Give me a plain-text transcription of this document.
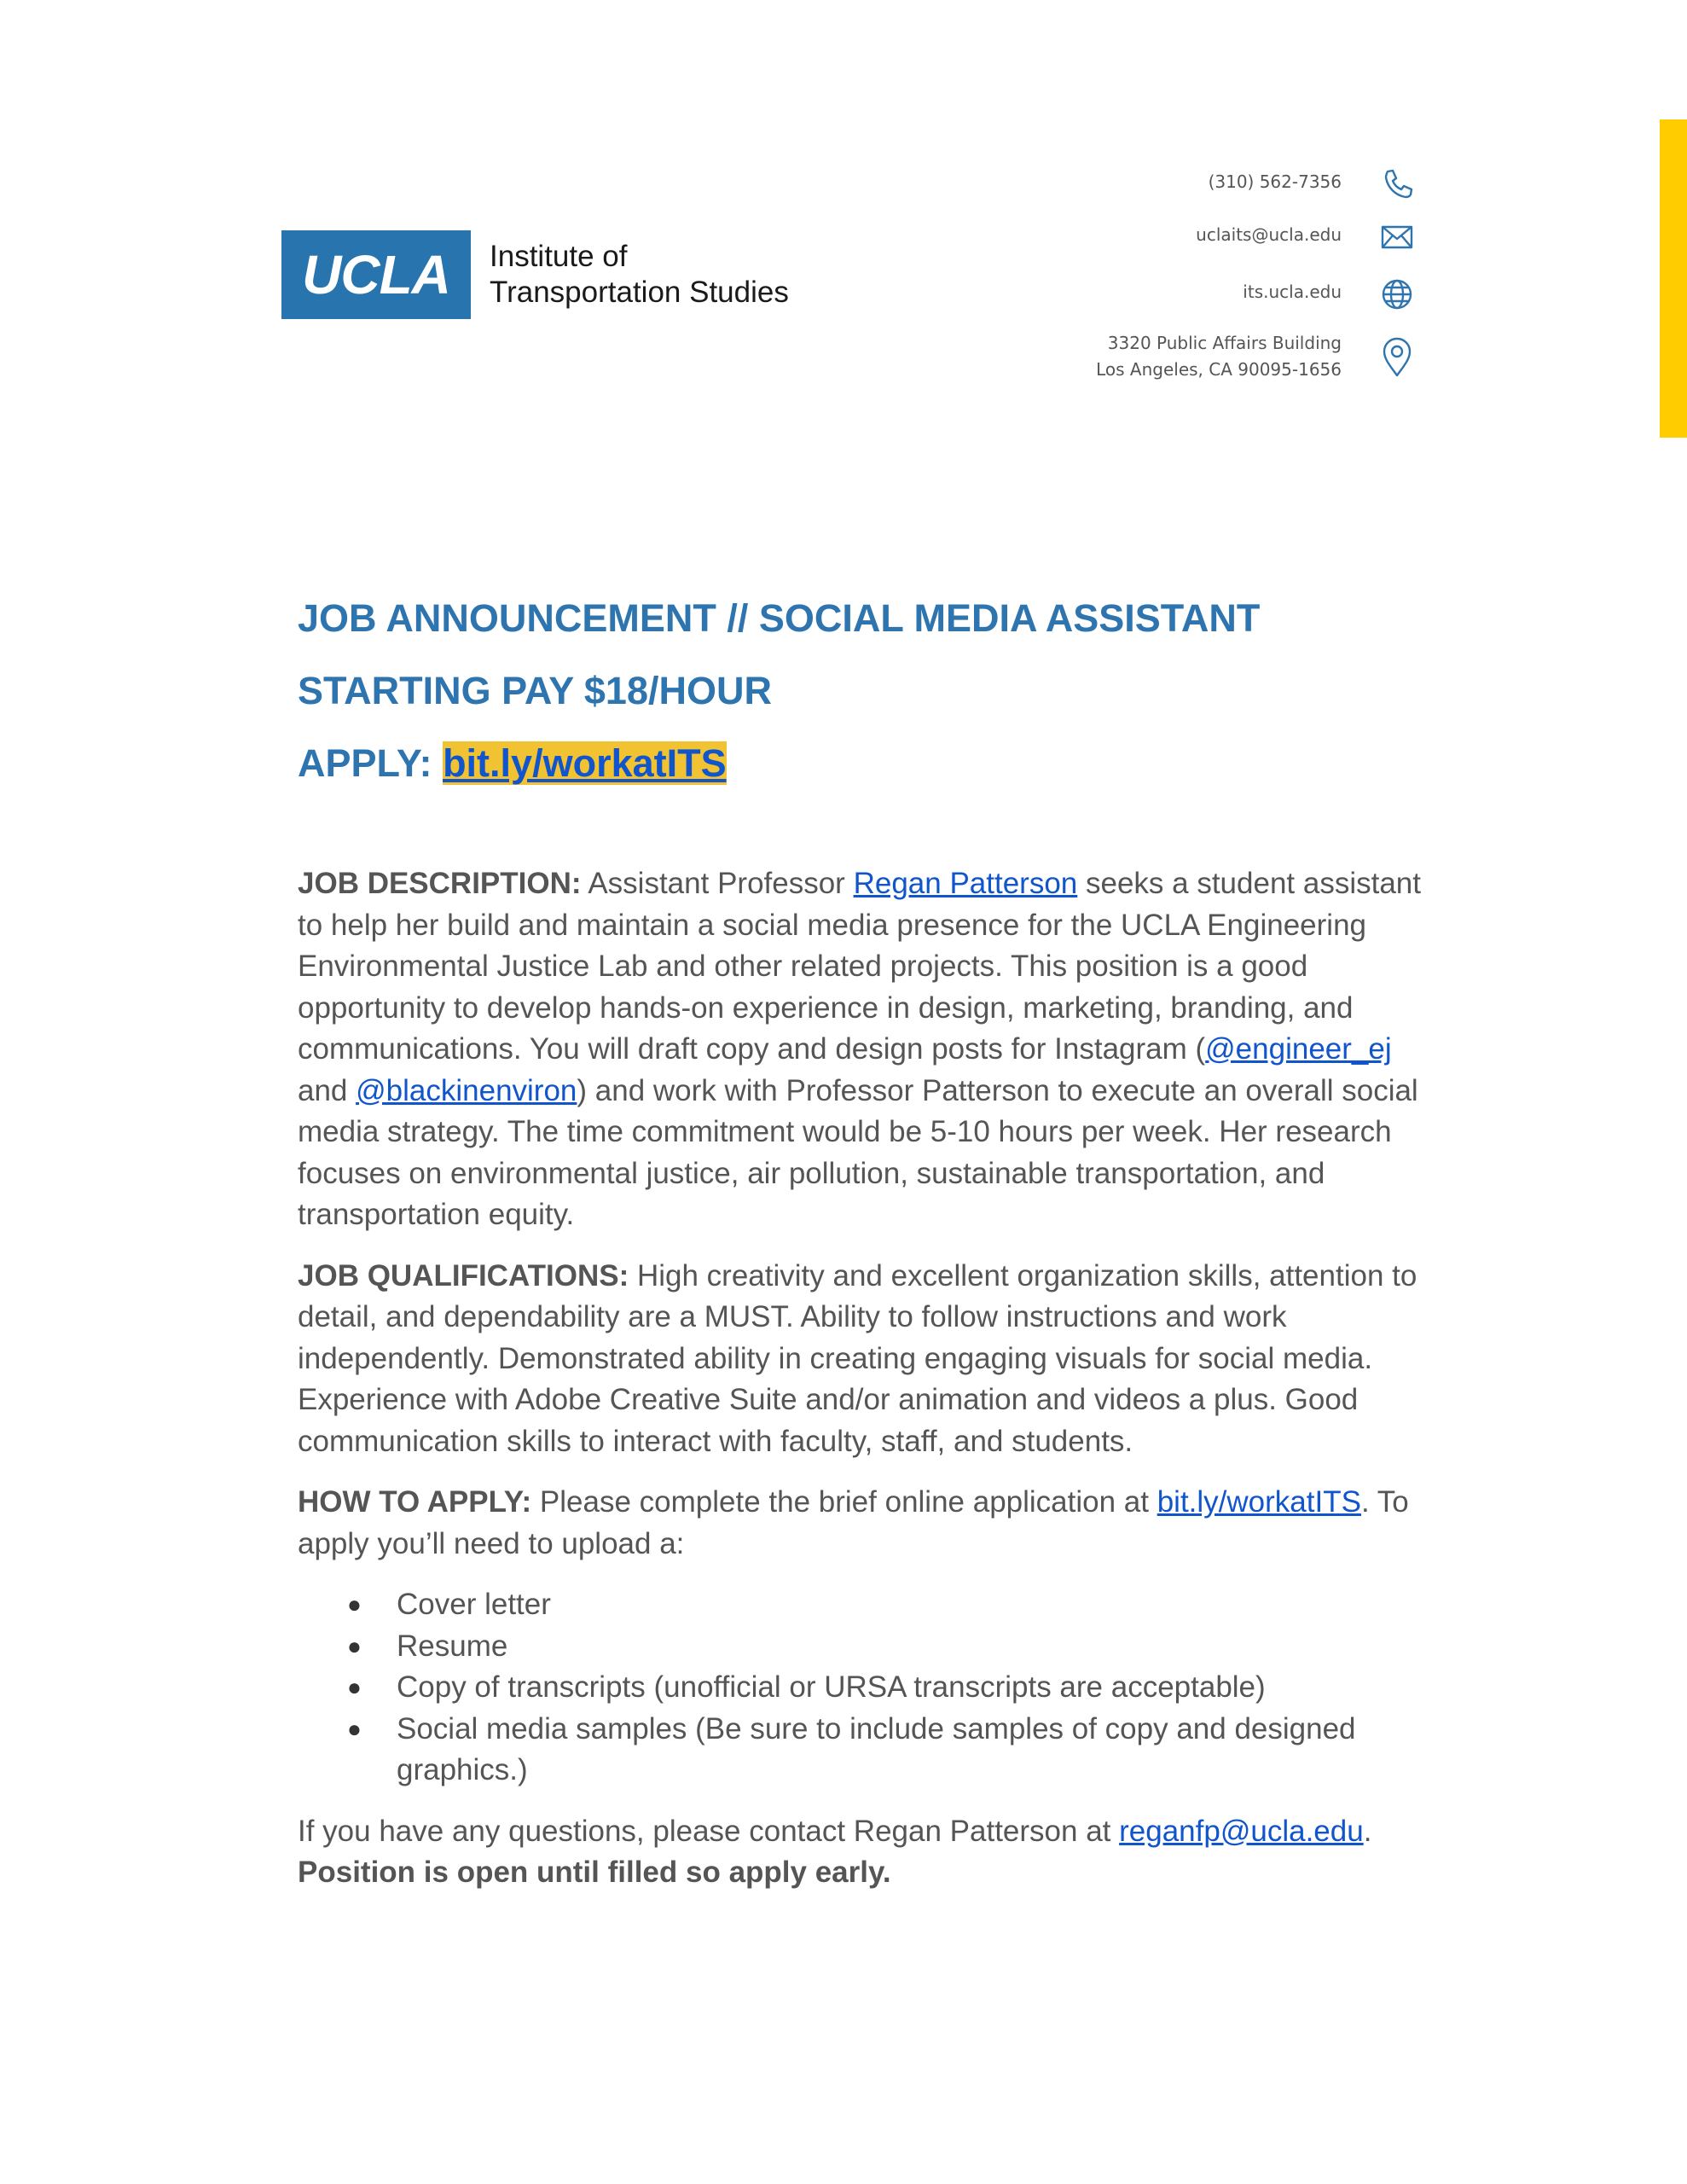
UCLA	Institute of
Transportation Studies
(310) 562-7356
uclaits@ucla.edu
its.ucla.edu
3320 Public Affairs Building
Los Angeles, CA 90095-1656
JOB ANNOUNCEMENT // SOCIAL MEDIA ASSISTANT
STARTING PAY $18/HOUR
APPLY: bit.ly/workatITS

JOB DESCRIPTION: Assistant Professor Regan Patterson seeks a student assistant to help her build and maintain a social media presence for the UCLA Engineering Environmental Justice Lab and other related projects. This position is a good opportunity to develop hands-on experience in design, marketing, branding, and communications. You will draft copy and design posts for Instagram (@engineer_ej and @blackinenviron) and work with Professor Patterson to execute an overall social media strategy. The time commitment would be 5-10 hours per week. Her research focuses on environmental justice, air pollution, sustainable transportation, and transportation equity.

JOB QUALIFICATIONS: High creativity and excellent organization skills, attention to detail, and dependability are a MUST. Ability to follow instructions and work independently. Demonstrated ability in creating engaging visuals for social media. Experience with Adobe Creative Suite and/or animation and videos a plus. Good communication skills to interact with faculty, staff, and students.

HOW TO APPLY: Please complete the brief online application at bit.ly/workatITS. To apply you’ll need to upload a:

● Cover letter
● Resume
● Copy of transcripts (unofficial or URSA transcripts are acceptable)
● Social media samples (Be sure to include samples of copy and designed graphics.)

If you have any questions, please contact Regan Patterson at reganfp@ucla.edu.
Position is open until filled so apply early.
